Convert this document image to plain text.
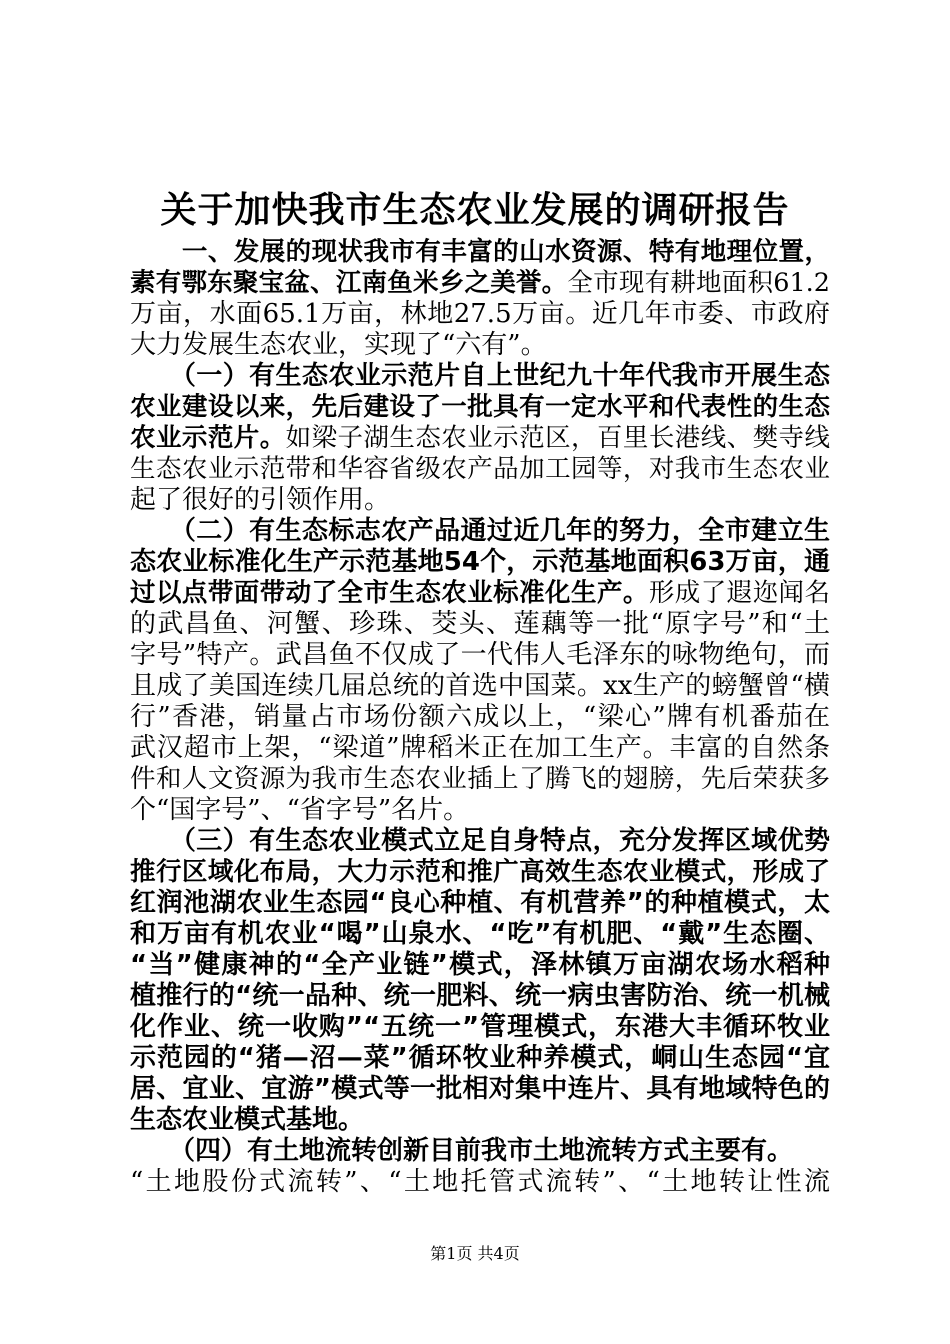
关于加快我市生态农业发展的调研报告
　　一、发展的现状我市有丰富的山水资源、特有地理位置，
素有鄂东聚宝盆、江南鱼米乡之美誉。全市现有耕地面积61.2
万亩，水面65.1万亩，林地27.5万亩。近几年市委、市政府
大力发展生态农业，实现了“六有”。
　　（一）有生态农业示范片自上世纪九十年代我市开展生态
农业建设以来，先后建设了一批具有一定水平和代表性的生态
农业示范片。如梁子湖生态农业示范区，百里长港线、樊寺线
生态农业示范带和华容省级农产品加工园等，对我市生态农业
起了很好的引领作用。
　　（二）有生态标志农产品通过近几年的努力，全市建立生
态农业标准化生产示范基地54个，示范基地面积63万亩，通
过以点带面带动了全市生态农业标准化生产。形成了遐迩闻名
的武昌鱼、河蟹、珍珠、茭头、莲藕等一批“原字号”和“土
字号”特产。武昌鱼不仅成了一代伟人毛泽东的咏物绝句，而
且成了美国连续几届总统的首选中国菜。xx生产的螃蟹曾“横
行”香港，销量占市场份额六成以上，“梁心”牌有机番茄在
武汉超市上架，“梁道”牌稻米正在加工生产。丰富的自然条
件和人文资源为我市生态农业插上了腾飞的翅膀，先后荣获多
个“国字号”、“省字号”名片。
　　（三）有生态农业模式立足自身特点，充分发挥区域优势
推行区域化布局，大力示范和推广高效生态农业模式，形成了
红润池湖农业生态园“良心种植、有机营养”的种植模式，太
和万亩有机农业“喝”山泉水、“吃”有机肥、“戴”生态圈、
“当”健康神的“全产业链”模式，泽林镇万亩湖农场水稻种
植推行的“统一品种、统一肥料、统一病虫害防治、统一机械
化作业、统一收购”“五统一”管理模式，东港大丰循环牧业
示范园的“猪—沼—菜”循环牧业种养模式，峒山生态园“宜
居、宜业、宜游”模式等一批相对集中连片、具有地域特色的
生态农业模式基地。
　　（四）有土地流转创新目前我市土地流转方式主要有。
“土地股份式流转”、“土地托管式流转”、“土地转让性流
第1页 共4页
